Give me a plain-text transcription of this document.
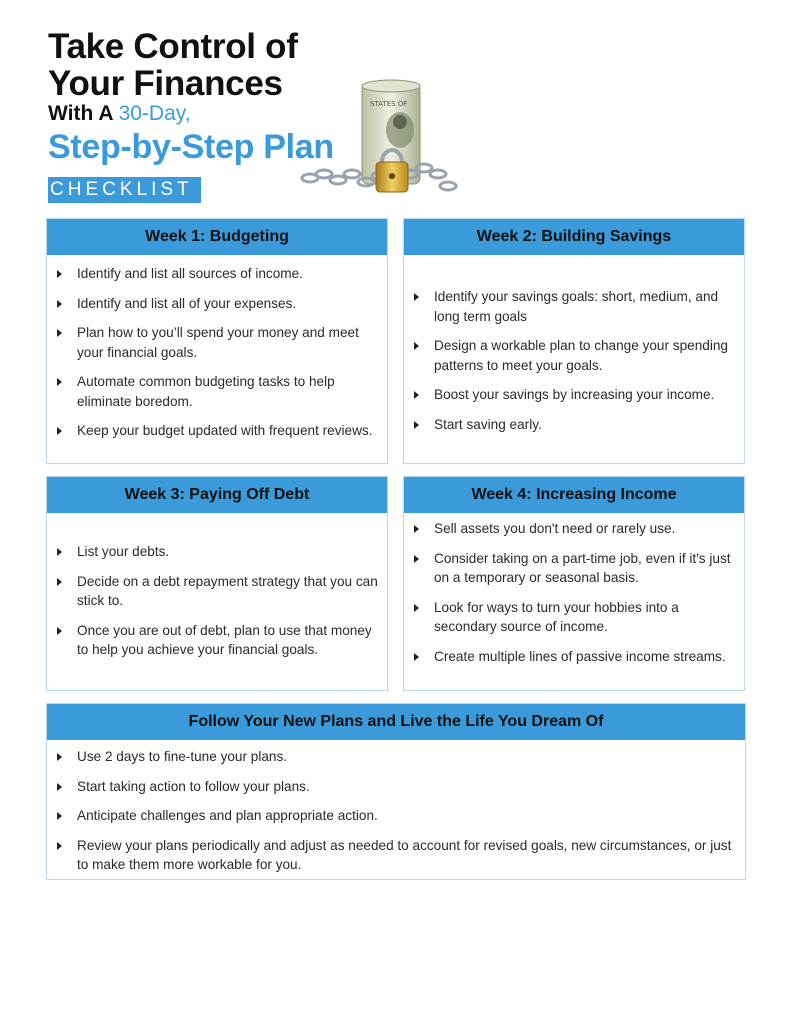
Take Control of
Your Finances
With A 30-Day,
Step-by-Step Plan
CHECKLIST
STATES OF
Week 1: Budgeting
Identify and list all sources of income.
Identify and list all of your expenses.
Plan how to you’ll spend your money and meet your financial goals.
Automate common budgeting tasks to help eliminate boredom.
Keep your budget updated with frequent reviews.
Week 2: Building Savings
Identify your savings goals: short, medium, and long term goals
Design a workable plan to change your spending patterns to meet your goals.
Boost your savings by increasing your income.
Start saving early.
Week 3: Paying Off Debt
List your debts.
Decide on a debt repayment strategy that you can stick to.
Once you are out of debt, plan to use that money to help you achieve your financial goals.
Week 4: Increasing Income
Sell assets you don't need or rarely use.
Consider taking on a part-time job, even if it's just on a temporary or seasonal basis.
Look for ways to turn your hobbies into a secondary source of income.
Create multiple lines of passive income streams.
Follow Your New Plans and Live the Life You Dream Of
Use 2 days to fine-tune your plans.
Start taking action to follow your plans.
Anticipate challenges and plan appropriate action.
Review your plans periodically and adjust as needed to account for revised goals, new circumstances, or just to make them more workable for you.
